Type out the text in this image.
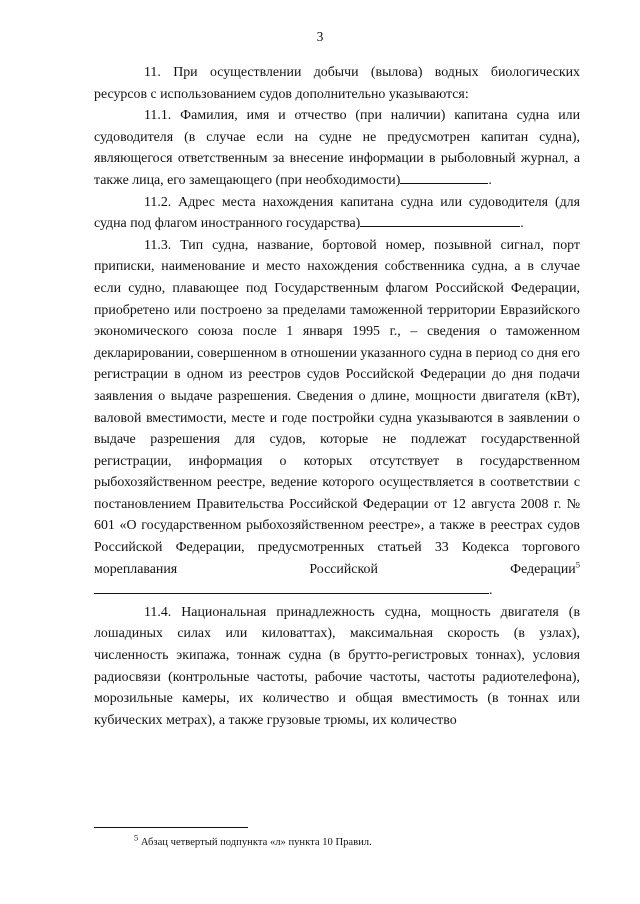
3

11. При осуществлении добычи (вылова) водных биологических ресурсов с использованием судов дополнительно указываются:

11.1. Фамилия, имя и отчество (при наличии) капитана судна или судоводителя (в случае если на судне не предусмотрен капитан судна), являющегося ответственным за внесение информации в рыболовный журнал, а также лица, его замещающего (при необходимости)	.

11.2. Адрес места нахождения капитана судна или судоводителя (для судна под флагом иностранного государства)	.

11.3. Тип судна, название, бортовой номер, позывной сигнал, порт приписки, наименование и место нахождения собственника судна, а в случае если судно, плавающее под Государственным флагом Российской Федерации, приобретено или построено за пределами таможенной территории Евразийского экономического союза после 1 января 1995 г., – сведения о таможенном декларировании, совершенном в отношении указанного судна в период со дня его регистрации в одном из реестров судов Российской Федерации до дня подачи заявления о выдаче разрешения. Сведения о длине, мощности двигателя (кВт), валовой вместимости, месте и годе постройки судна указываются в заявлении о выдаче разрешения для судов, которые не подлежат государственной регистрации, информация о которых отсутствует в государственном рыбохозяйственном реестре, ведение которого осуществляется в соответствии с постановлением Правительства Российской Федерации от 12 августа 2008 г. № 601 «О государственном рыбохозяйственном реестре», а также в реестрах судов Российской Федерации, предусмотренных статьей 33 Кодекса торгового мореплавания Российской Федерации$^5$.

11.4. Национальная принадлежность судна, мощность двигателя (в лошадиных силах или киловаттах), максимальная скорость (в узлах), численность экипажа, тоннаж судна (в брутто-регистровых тоннах), условия радиосвязи (контрольные частоты, рабочие частоты, частоты радиотелефона), морозильные камеры, их количество и общая вместимость (в тоннах или кубических метрах), а также грузовые трюмы, их количество

$^5$ Абзац четвертый подпункта «л» пункта 10 Правил.
